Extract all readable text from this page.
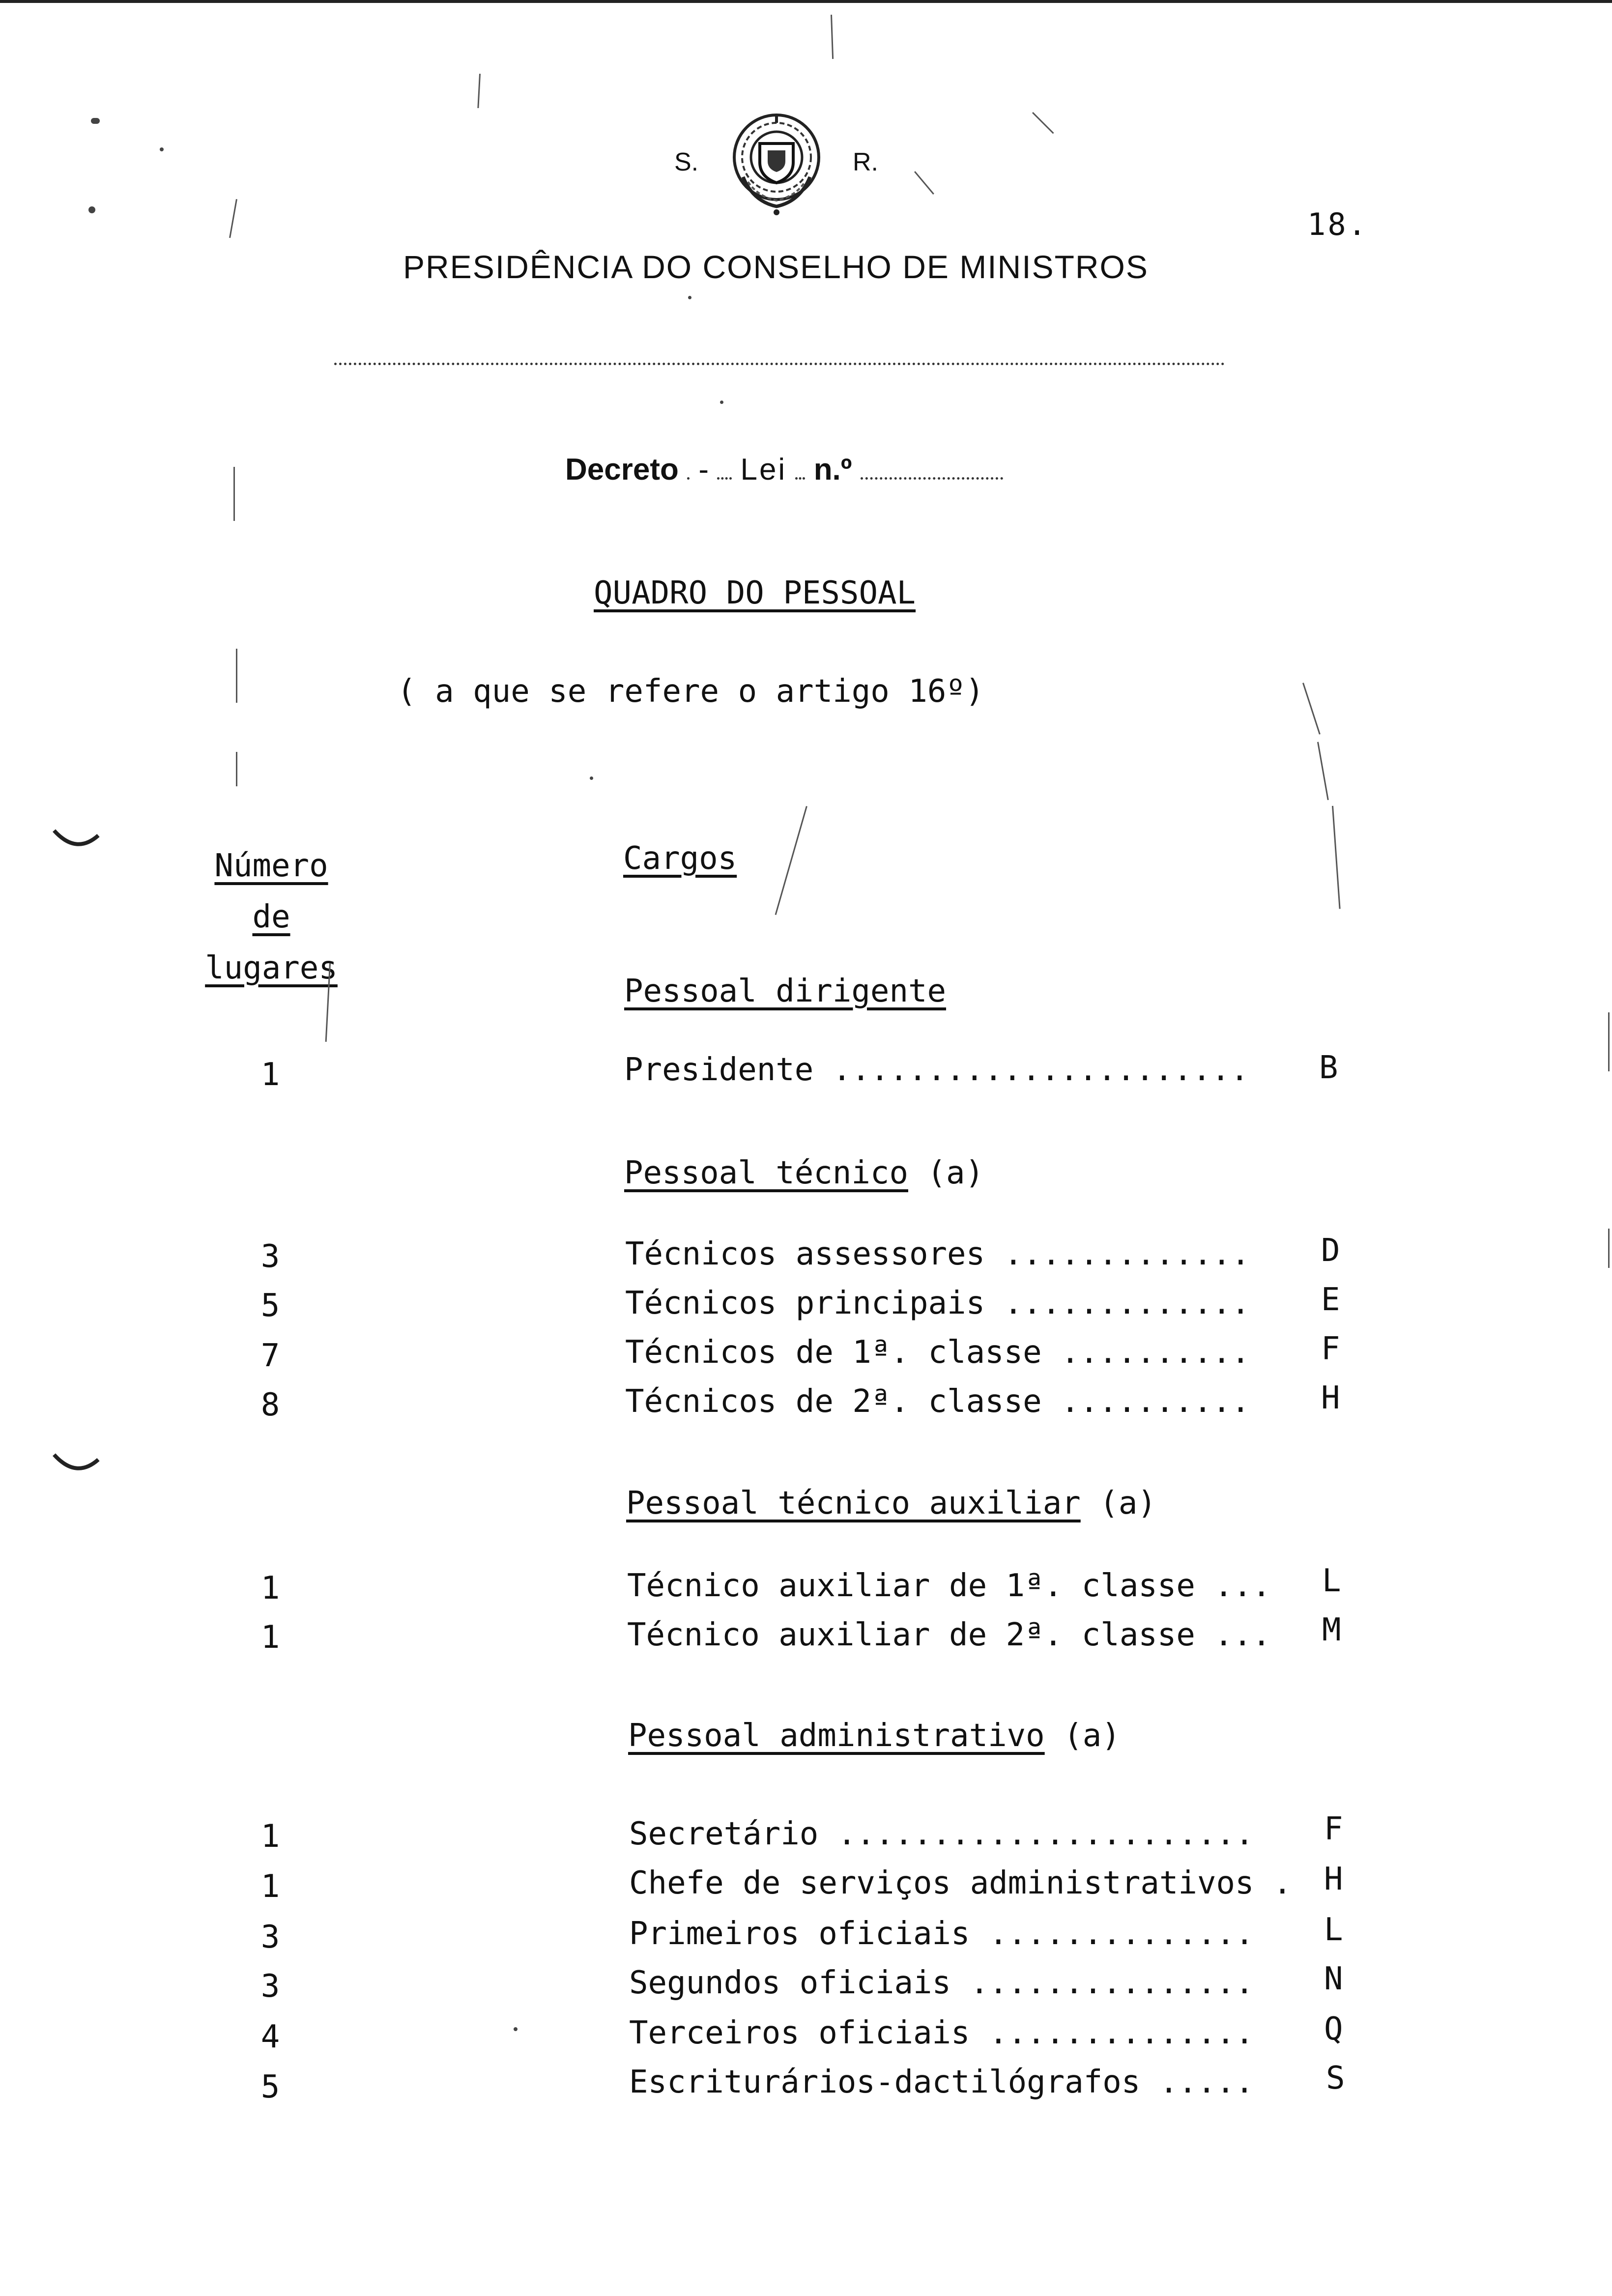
S.	R.
18.
PRESIDÊNCIA DO CONSELHO DE MINISTROS
Decreto - Lei n.º
QUADRO DO PESSOAL
( a que se refere o artigo 16º)
Número de lugares
Cargos
Pessoal dirigente
1	Presidente ...................... B
Pessoal técnico (a)
3	Técnicos assessores ............. D
5	Técnicos principais ............. E
7	Técnicos de 1ª. classe .......... F
8	Técnicos de 2ª. classe .......... H
Pessoal técnico auxiliar (a)
1	Técnico auxiliar de 1ª. classe ... L
1	Técnico auxiliar de 2ª. classe ... M
Pessoal administrativo (a)
1	Secretário ...................... F
1	Chefe de serviços administrativos . H
3	Primeiros oficiais .............. L
3	Segundos oficiais ............... N
4	Terceiros oficiais .............. Q
5	Escriturários-dactilógrafos ..... S
